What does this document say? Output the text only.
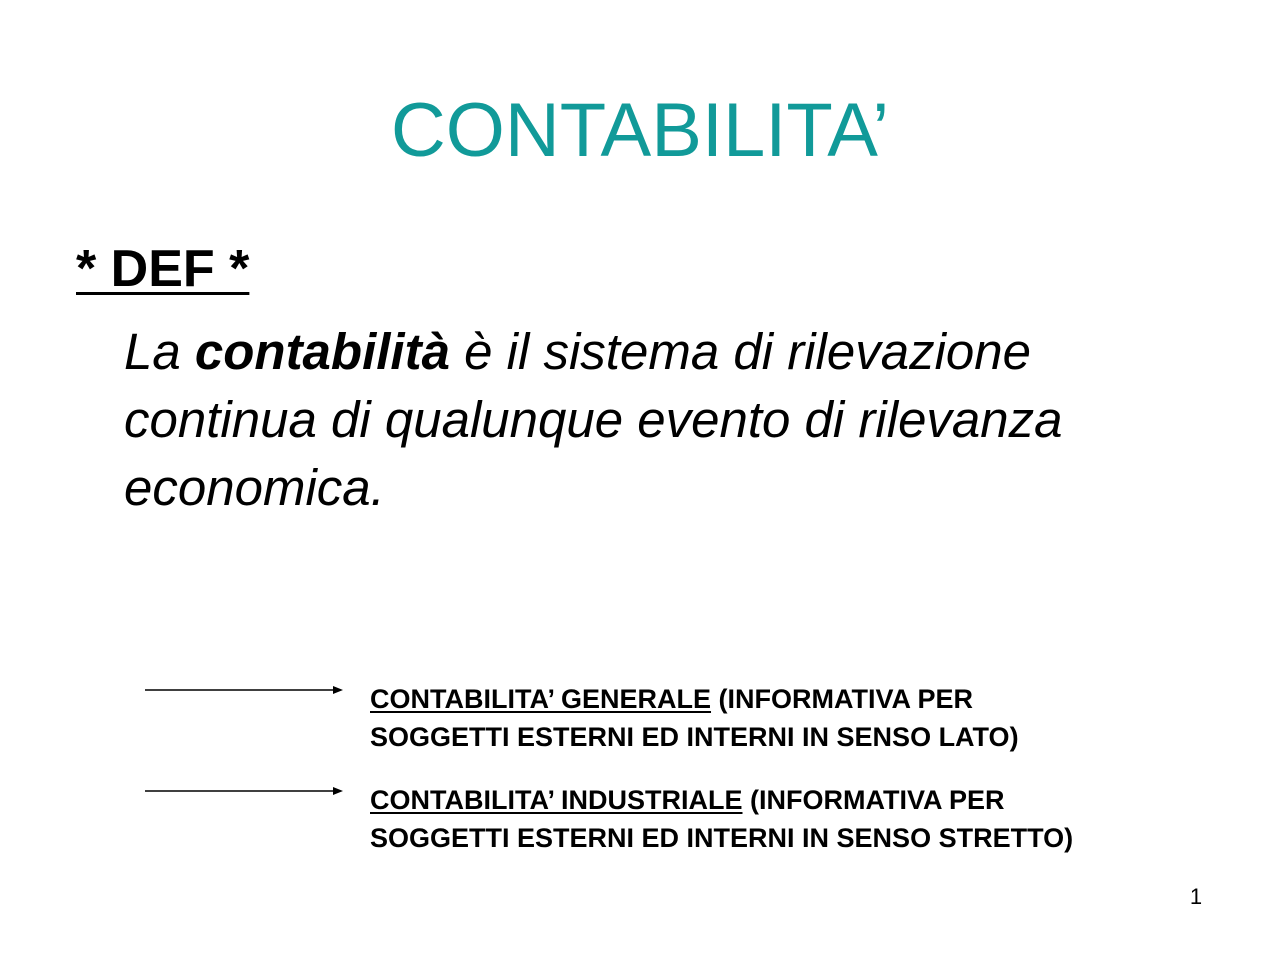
CONTABILITA’
* DEF *

La contabilità è il sistema di rilevazione
continua di qualunque evento di rilevanza
economica.

CONTABILITA’ GENERALE (INFORMATIVA PER
SOGGETTI ESTERNI ED INTERNI IN SENSO LATO)

CONTABILITA’ INDUSTRIALE (INFORMATIVA PER
SOGGETTI ESTERNI ED INTERNI IN SENSO STRETTO)

1
